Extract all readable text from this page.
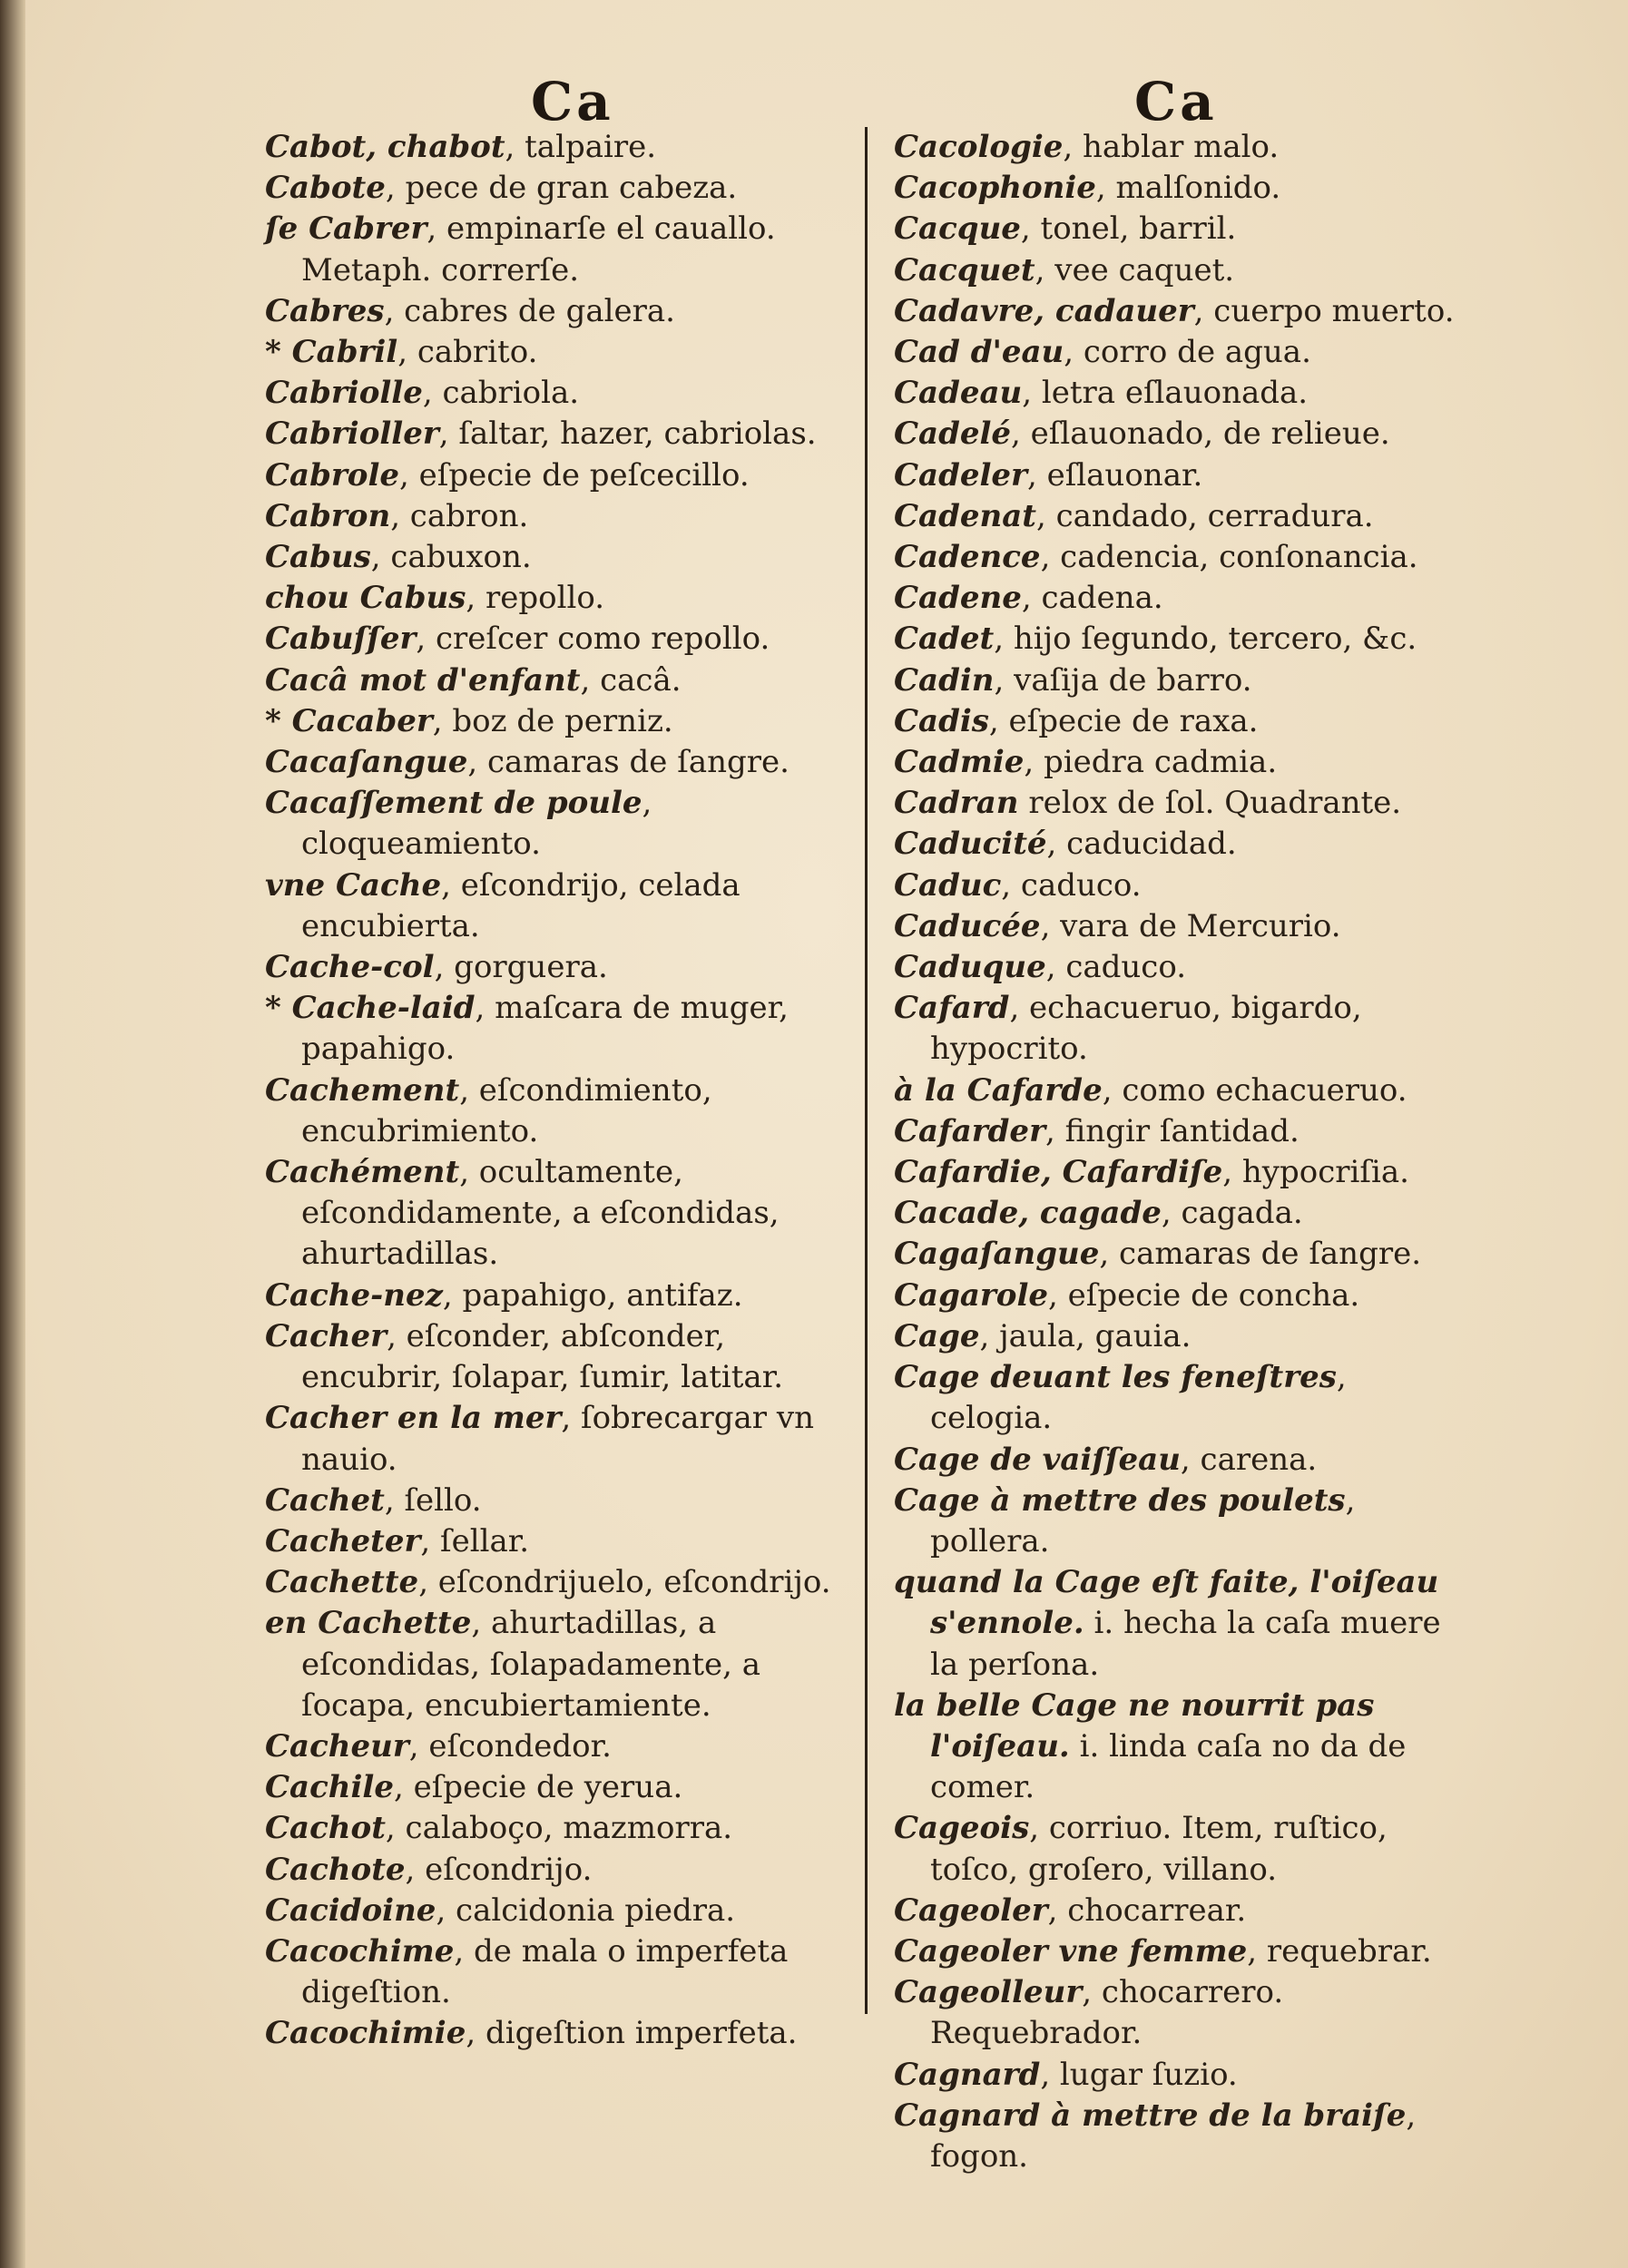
Ca	Ca

Cabot, chabot, talpaire.

Cabote, pece de gran cabeza.

ſe Cabrer, empinarſe el cauallo. Metaph. correrſe.

Cabres, cabres de galera.

* Cabril, cabrito.

Cabriolle, cabriola.

Cabrioller, ſaltar, hazer, cabriolas.

Cabrole, eſpecie de peſcecillo.

Cabron, cabron.

Cabus, cabuxon.

chou Cabus, repollo.

Cabuſſer, creſcer como repollo.

Cacâ mot d'enfant, cacâ.

* Cacaber, boz de perniz.

Cacaſangue, camaras de ſangre.

Cacaſſement de poule, cloqueamiento.

vne Cache, eſcondrijo, celada encubierta.

Cache-col, gorguera.

* Cache-laid, maſcara de muger, papahigo.

Cachement, eſcondimiento, encubrimiento.

Cachément, ocultamente, eſcondidamente, a eſcondidas, ahurtadillas.

Cache-nez, papahigo, antifaz.

Cacher, eſconder, abſconder, encubrir, ſolapar, ſumir, latitar.

Cacher en la mer, ſobrecargar vn nauio.

Cachet, ſello.

Cacheter, ſellar.

Cachette, eſcondrijuelo, eſcondrijo.

en Cachette, ahurtadillas, a eſcondidas, ſolapadamente, a ſocapa, encubiertamiente.

Cacheur, eſcondedor.

Cachile, eſpecie de yerua.

Cachot, calaboço, mazmorra.

Cachote, eſcondrijo.

Cacidoine, calcidonia piedra.

Cacochime, de mala o imperfeta digeſtion.

Cacochimie, digeſtion imperfeta.

Cacologie, hablar malo.

Cacophonie, malſonido.

Cacque, tonel, barril.

Cacquet, vee caquet.

Cadavre, cadauer, cuerpo muerto.

Cad d'eau, corro de agua.

Cadeau, letra eſlauonada.

Cadelé, eſlauonado, de relieue.

Cadeler, eſlauonar.

Cadenat, candado, cerradura.

Cadence, cadencia, conſonancia.

Cadene, cadena.

Cadet, hijo ſegundo, tercero, &c.

Cadin, vaſija de barro.

Cadis, eſpecie de raxa.

Cadmie, piedra cadmia.

Cadran relox de ſol. Quadrante.

Caducité, caducidad.

Caduc, caduco.

Caducée, vara de Mercurio.

Caduque, caduco.

Cafard, echacueruo, bigardo, hypocrito.

à la Cafarde, como echacueruo.

Cafarder, fingir ſantidad.

Cafardie, Cafardiſe, hypocriſia.

Cacade, cagade, cagada.

Cagaſangue, camaras de ſangre.

Cagarole, eſpecie de concha.

Cage, jaula, gauia.

Cage deuant les feneſtres, celogia.

Cage de vaiſſeau, carena.

Cage à mettre des poulets, pollera.

quand la Cage eſt faite, l'oiſeau s'ennole. i. hecha la caſa muere la perſona.

la belle Cage ne nourrit pas l'oiſeau. i. linda caſa no da de comer.

Cageois, corriuo. Item, ruſtico, toſco, groſero, villano.

Cageoler, chocarrear.

Cageoler vne femme, requebrar.

Cageolleur, chocarrero. Requebrador.

Cagnard, lugar ſuzio.

Cagnard à mettre de la braiſe, fogon.
